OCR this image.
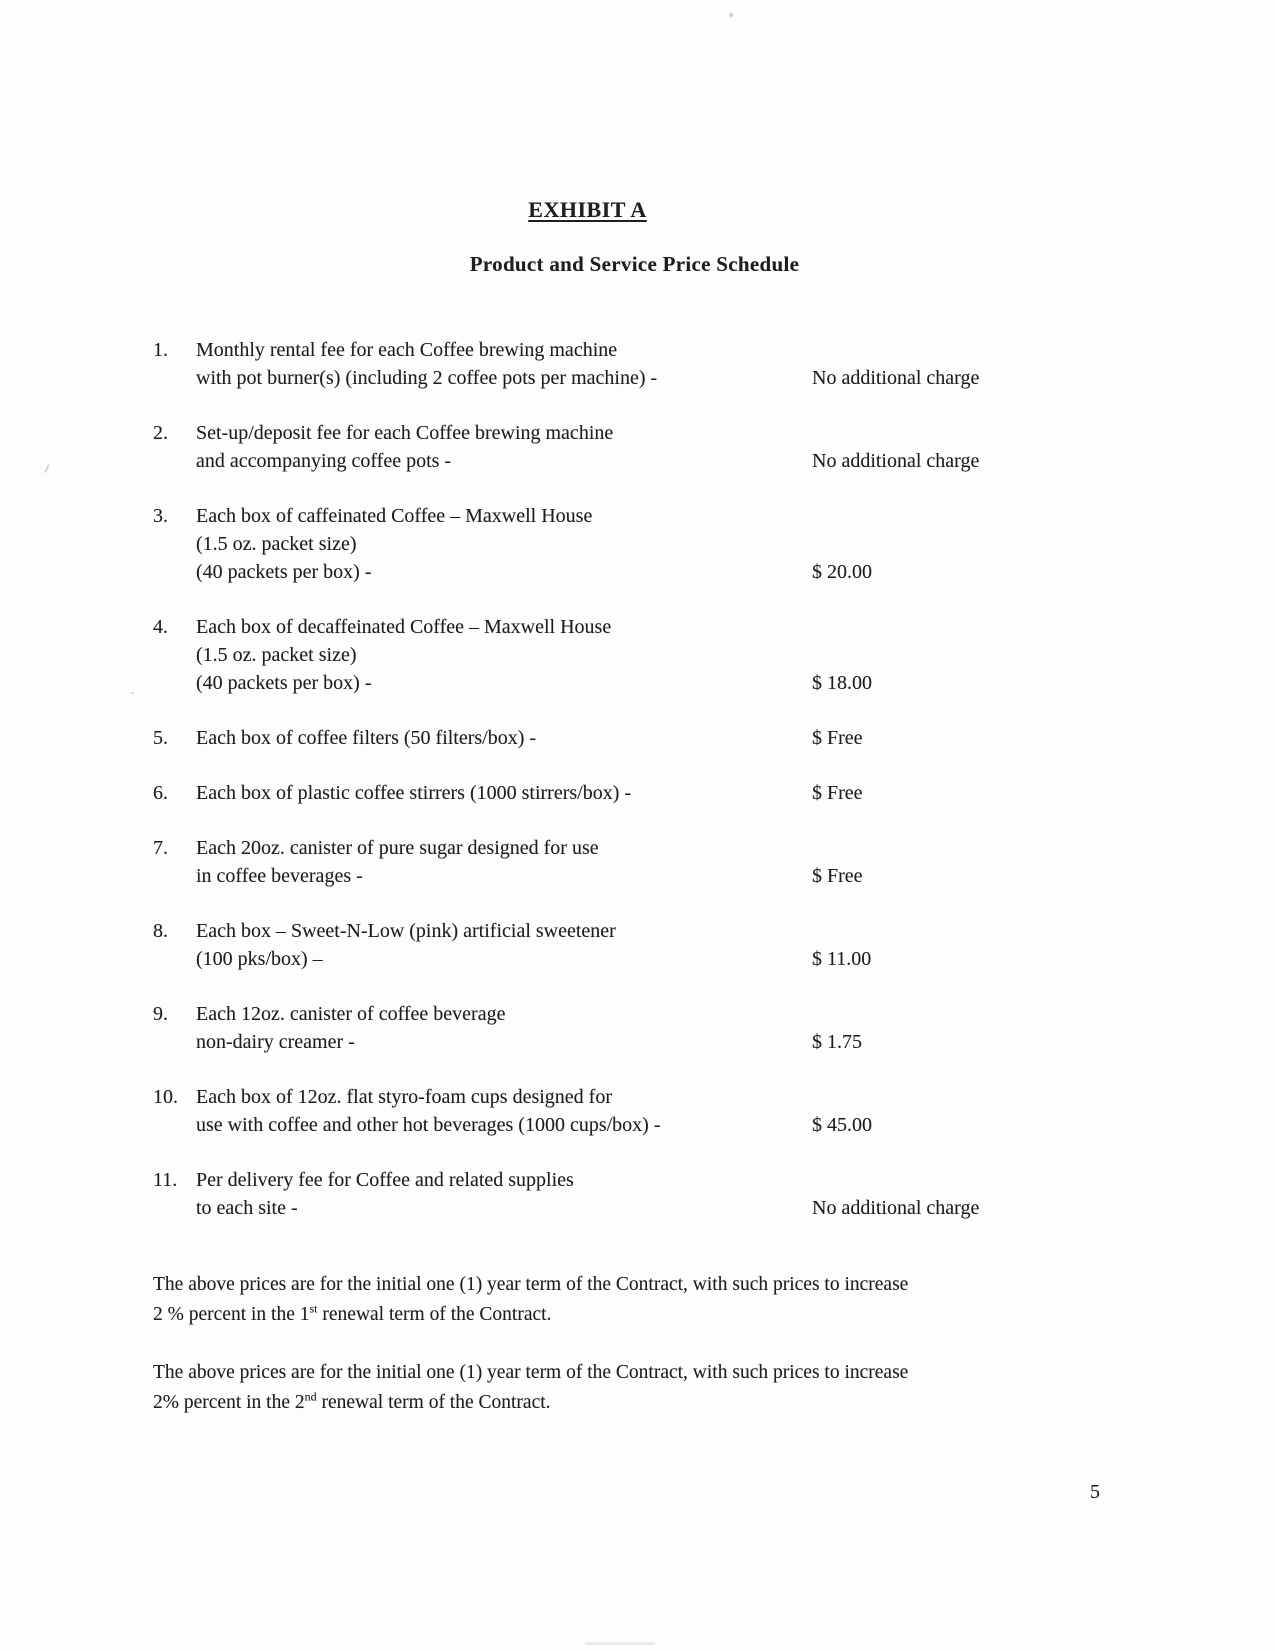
EXHIBIT A
Product and Service Price Schedule
1.	Monthly rental fee for each Coffee brewing machine
with pot burner(s) (including 2 coffee pots per machine) -	No additional charge
2.	Set-up/deposit fee for each Coffee brewing machine
and accompanying coffee pots -	No additional charge
3.	Each box of caffeinated Coffee – Maxwell House
(1.5 oz. packet size)
(40 packets per box) -	$ 20.00
4.	Each box of decaffeinated Coffee – Maxwell House
(1.5 oz. packet size)
(40 packets per box) -	$ 18.00
5.	Each box of coffee filters (50 filters/box) -	$ Free
6.	Each box of plastic coffee stirrers (1000 stirrers/box) -	$ Free
7.	Each 20oz. canister of pure sugar designed for use
in coffee beverages -	$ Free
8.	Each box – Sweet-N-Low (pink) artificial sweetener
(100 pks/box) –	$ 11.00
9.	Each 12oz. canister of coffee beverage
non-dairy creamer -	$ 1.75
10. Each box of 12oz. flat styro-foam cups designed for
use with coffee and other hot beverages (1000 cups/box) -	$ 45.00
11. Per delivery fee for Coffee and related supplies
to each site -	No additional charge

The above prices are for the initial one (1) year term of the Contract, with such prices to increase
2 % percent in the 1st renewal term of the Contract.

The above prices are for the initial one (1) year term of the Contract, with such prices to increase
2% percent in the 2nd renewal term of the Contract.

5
